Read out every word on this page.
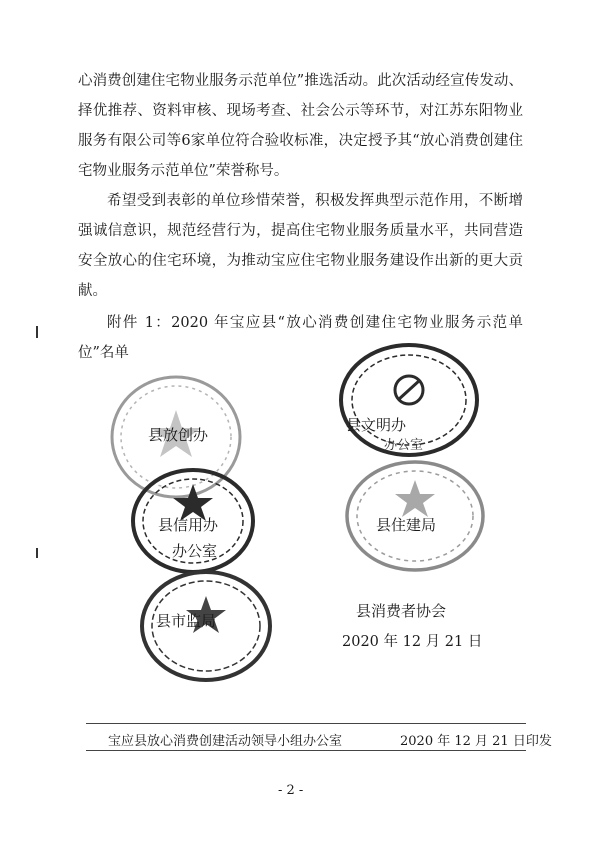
心消费创建住宅物业服务示范单位”推选活动。此次活动经宣传发动、择优推荐、资料审核、现场考查、社会公示等环节，对江苏东阳物业服务有限公司等6家单位符合验收标准，决定授予其“放心消费创建住宅物业服务示范单位”荣誉称号。

希望受到表彰的单位珍惜荣誉，积极发挥典型示范作用，不断增强诚信意识，规范经营行为，提高住宅物业服务质量水平，共同营造安全放心的住宅环境，为推动宝应住宅物业服务建设作出新的更大贡献。

附件 1：2020 年宝应县“放心消费创建住宅物业服务示范单位”名单

县放创办
县信用办
办公室
县市监局
县文明办
办公室
县住建局
县消费者协会
2020 年 12 月 21 日
宝应县放心消费创建活动领导小组办公室	2020 年 12 月 21 日印发
- 2 -
